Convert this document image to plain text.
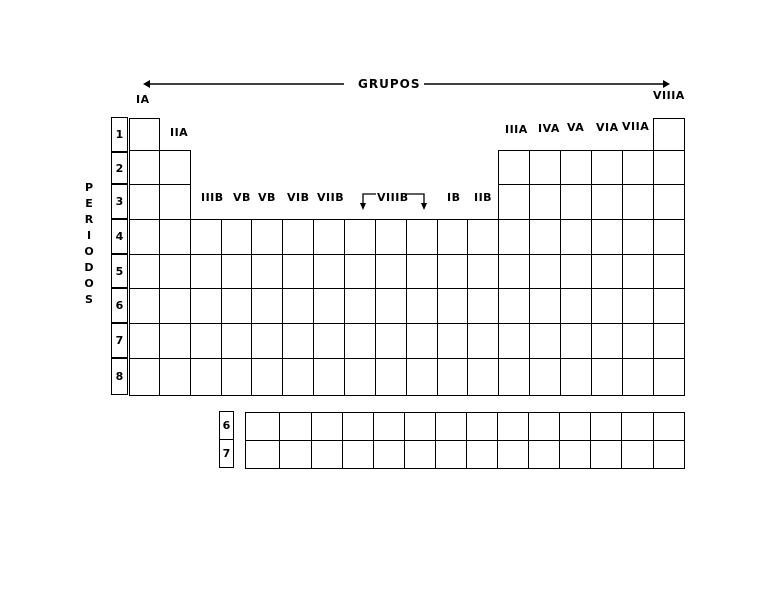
GRUPOS
IA
IIA
IIIB VB VB VIB VIIB	VIIIB	IB IIB
IIIA IVA VA VIA VIIA
VIIIA
P
E
R
I
O
D
O
S
1
2
3
4
5
6
7
8
6
7
